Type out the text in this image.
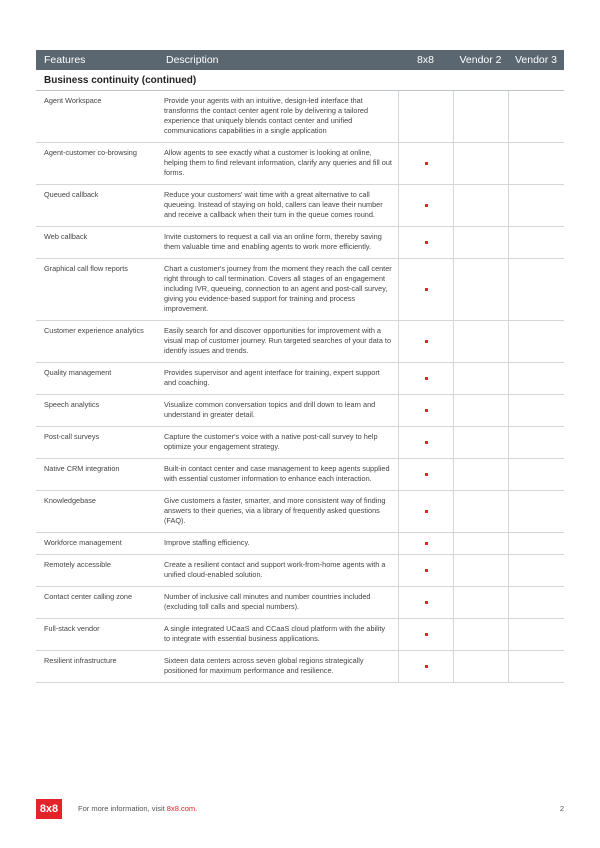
Features	Description	8x8	Vendor 2	Vendor 3
Business continuity (continued)
Agent Workspace	Provide your agents with an intuitive, design-led interface that transforms the contact center agent role by delivering a tailored experience that uniquely blends contact center and unified communications capabilities in a single application
Agent-customer co-browsing	Allow agents to see exactly what a customer is looking at online, helping them to find relevant information, clarify any queries and fill out forms.
Queued callback	Reduce your customers' wait time with a great alternative to call queueing. Instead of staying on hold, callers can leave their number and receive a callback when their turn in the queue comes round.
Web callback	Invite customers to request a call via an online form, thereby saving them valuable time and enabling agents to work more efficiently.
Graphical call flow reports	Chart a customer's journey from the moment they reach the call center right through to call termination. Covers all stages of an engagement including IVR, queueing, connection to an agent and post-call survey, giving you evidence-based support for training and process improvement.
Customer experience analytics	Easily search for and discover opportunities for improvement with a visual map of customer journey. Run targeted searches of your data to identify issues and trends.
Quality management	Provides supervisor and agent interface for training, expert support and coaching.
Speech analytics	Visualize common conversation topics and drill down to learn and understand in greater detail.
Post-call surveys	Capture the customer's voice with a native post-call survey to help optimize your engagement strategy.
Native CRM integration	Built-in contact center and case management to keep agents supplied with essential customer information to enhance each interaction.
Knowledgebase	Give customers a faster, smarter, and more consistent way of finding answers to their queries, via a library of frequently asked questions (FAQ).
Workforce management	Improve staffing efficiency.
Remotely accessible	Create a resilient contact and support work-from-home agents with a unified cloud-enabled solution.
Contact center calling zone	Number of inclusive call minutes and number countries included (excluding toll calls and special numbers).
Full-stack vendor	A single integrated UCaaS and CCaaS cloud platform with the ability to integrate with essential business applications.
Resilient infrastructure	Sixteen data centers across seven global regions strategically positioned for maximum performance and resilience.
8x8	For more information, visit 8x8.com.	2
